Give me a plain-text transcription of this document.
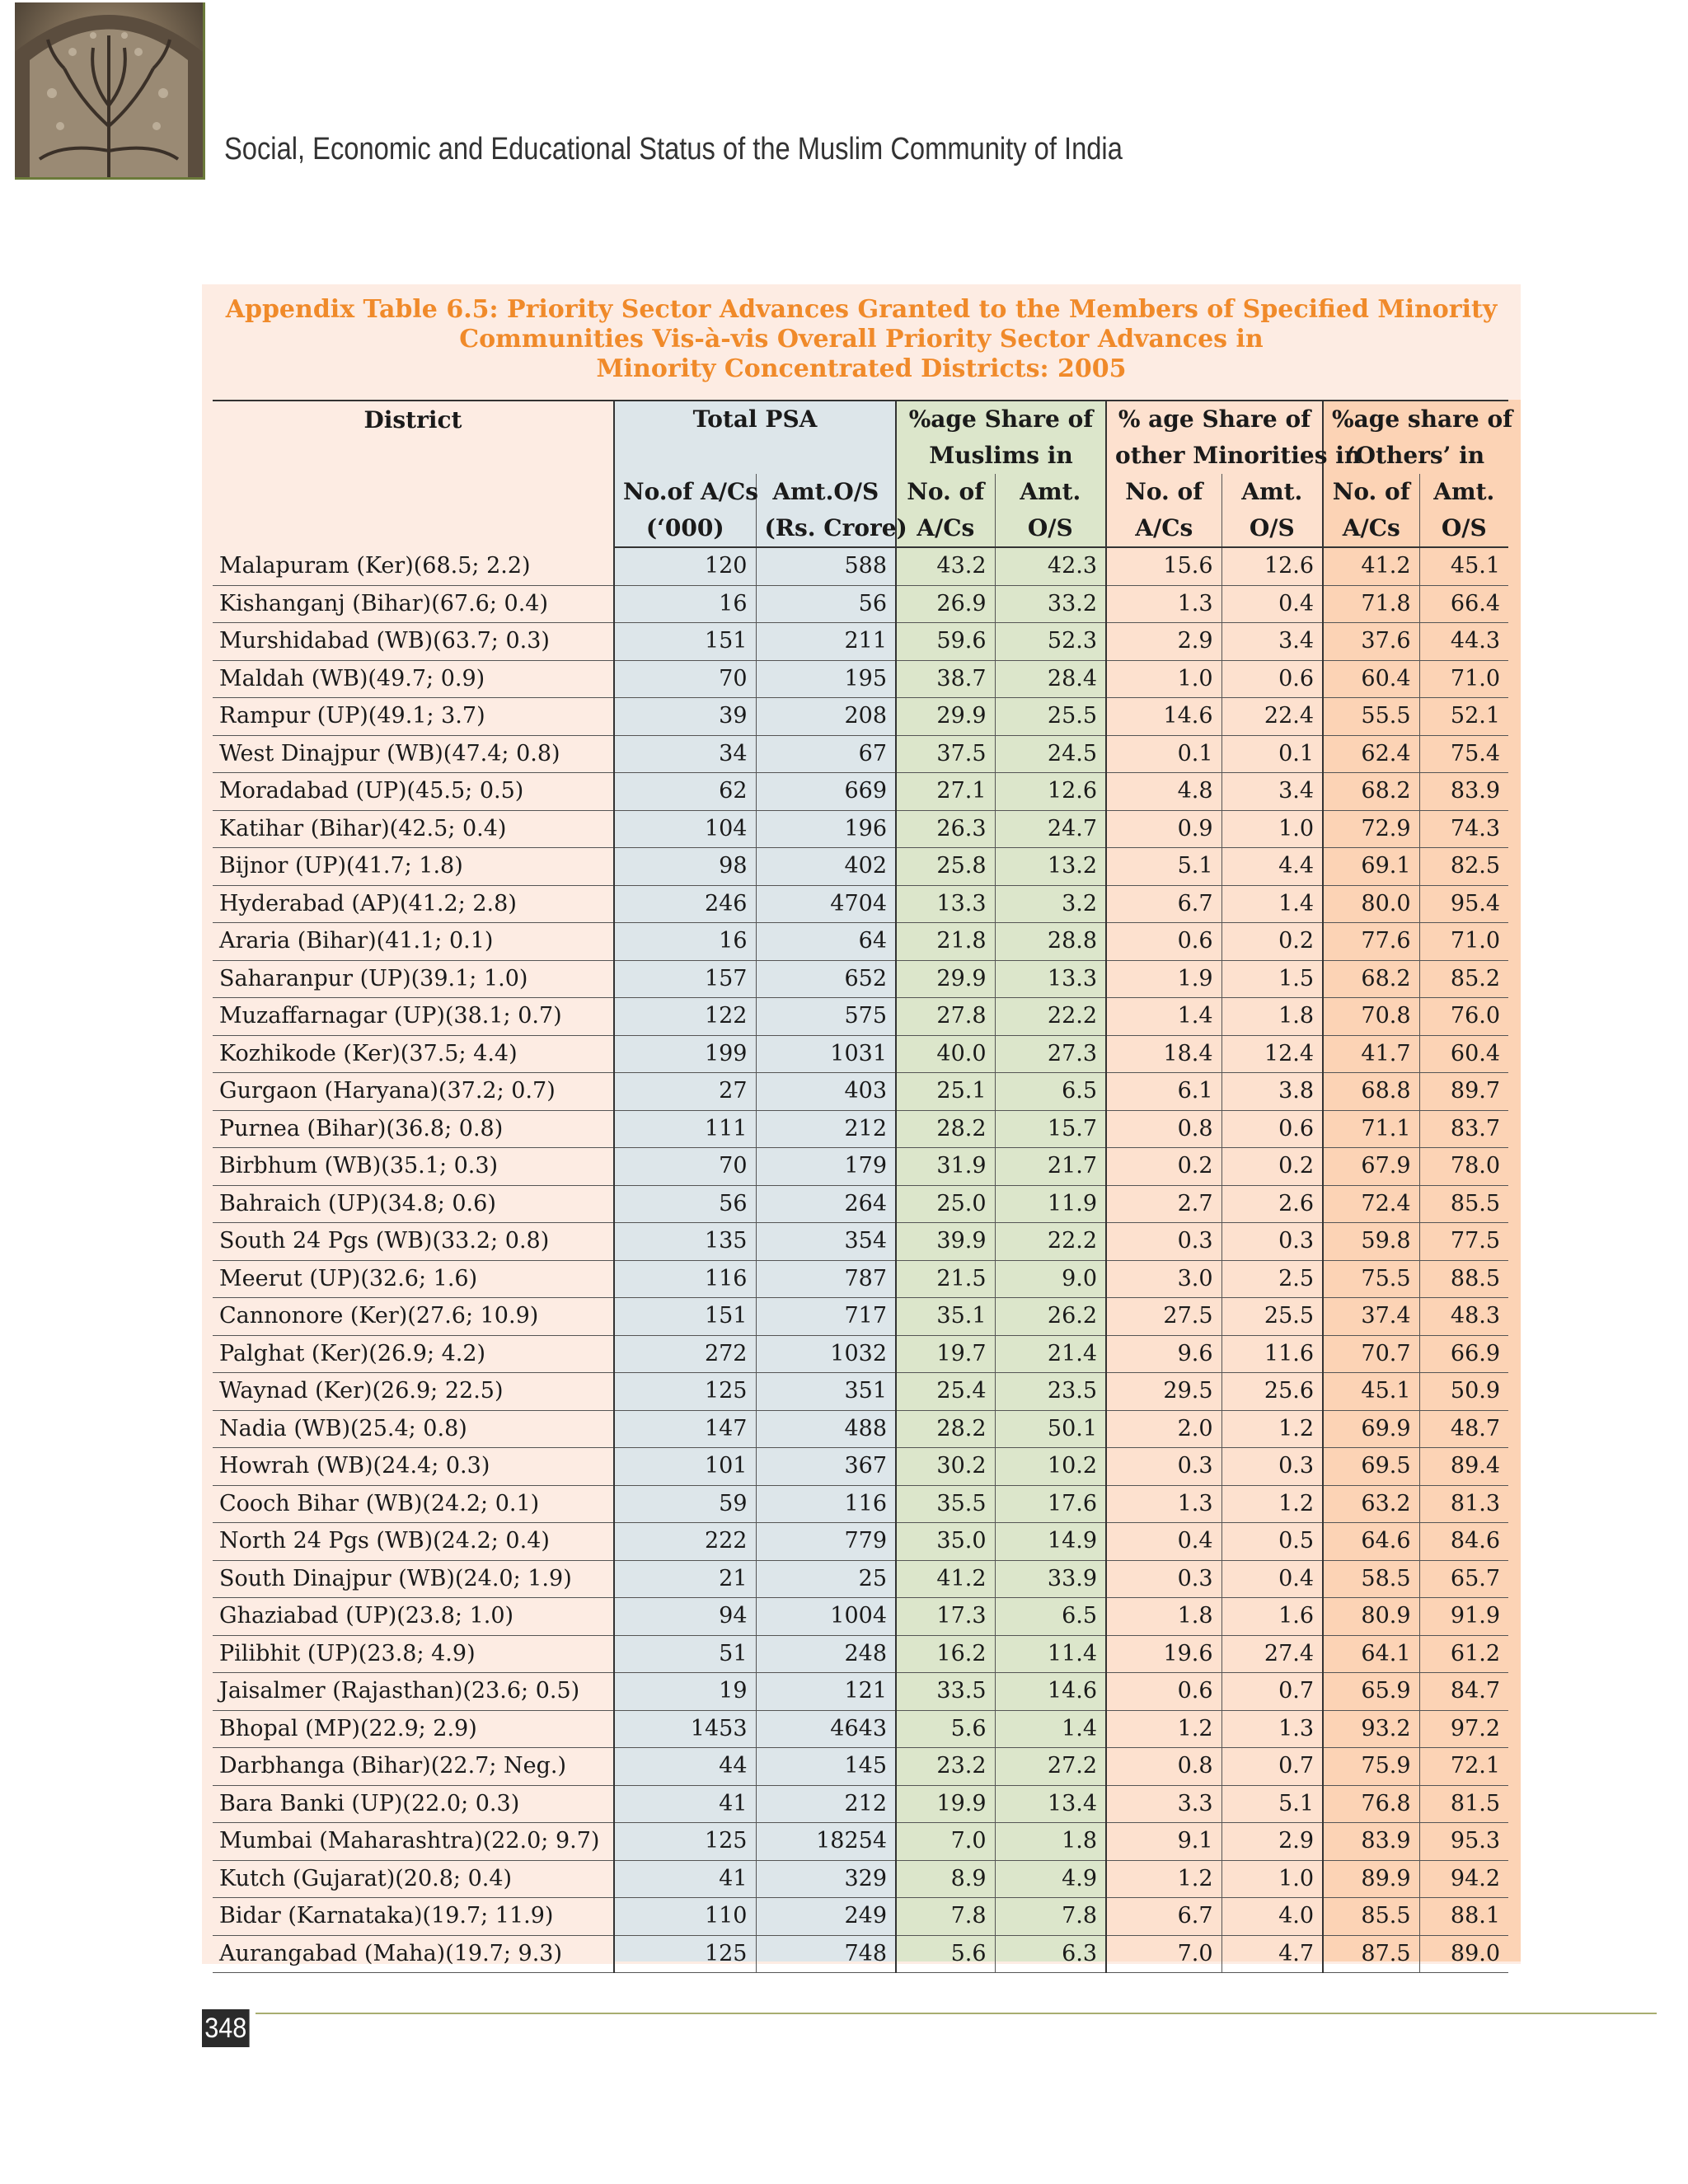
Social, Economic and Educational Status of the Muslim Community of India
Appendix Table 6.5: Priority Sector Advances Granted to the Members of Specified Minority
Communities Vis-à-vis Overall Priority Sector Advances in
Minority Concentrated Districts: 2005
District	Total PSA		%age Share of		% age Share of		%age share of	
			Muslims in		other Minorities in		‘Others’ in	
	No.of A/Cs	Amt.O/S	No. of	Amt.	No. of	Amt.	No. of	Amt.
	(‘000)	(Rs. Crore)	A/Cs	O/S	A/Cs	O/S	A/Cs	O/S
Malapuram (Ker)(68.5; 2.2)	120	588	43.2	42.3	15.6	12.6	41.2	45.1
Kishanganj (Bihar)(67.6; 0.4)	16	56	26.9	33.2	1.3	0.4	71.8	66.4
Murshidabad (WB)(63.7; 0.3)	151	211	59.6	52.3	2.9	3.4	37.6	44.3
Maldah (WB)(49.7; 0.9)	70	195	38.7	28.4	1.0	0.6	60.4	71.0
Rampur (UP)(49.1; 3.7)	39	208	29.9	25.5	14.6	22.4	55.5	52.1
West Dinajpur (WB)(47.4; 0.8)	34	67	37.5	24.5	0.1	0.1	62.4	75.4
Moradabad (UP)(45.5; 0.5)	62	669	27.1	12.6	4.8	3.4	68.2	83.9
Katihar (Bihar)(42.5; 0.4)	104	196	26.3	24.7	0.9	1.0	72.9	74.3
Bijnor (UP)(41.7; 1.8)	98	402	25.8	13.2	5.1	4.4	69.1	82.5
Hyderabad (AP)(41.2; 2.8)	246	4704	13.3	3.2	6.7	1.4	80.0	95.4
Araria (Bihar)(41.1; 0.1)	16	64	21.8	28.8	0.6	0.2	77.6	71.0
Saharanpur (UP)(39.1; 1.0)	157	652	29.9	13.3	1.9	1.5	68.2	85.2
Muzaffarnagar (UP)(38.1; 0.7)	122	575	27.8	22.2	1.4	1.8	70.8	76.0
Kozhikode (Ker)(37.5; 4.4)	199	1031	40.0	27.3	18.4	12.4	41.7	60.4
Gurgaon (Haryana)(37.2; 0.7)	27	403	25.1	6.5	6.1	3.8	68.8	89.7
Purnea (Bihar)(36.8; 0.8)	111	212	28.2	15.7	0.8	0.6	71.1	83.7
Birbhum (WB)(35.1; 0.3)	70	179	31.9	21.7	0.2	0.2	67.9	78.0
Bahraich (UP)(34.8; 0.6)	56	264	25.0	11.9	2.7	2.6	72.4	85.5
South 24 Pgs (WB)(33.2; 0.8)	135	354	39.9	22.2	0.3	0.3	59.8	77.5
Meerut (UP)(32.6; 1.6)	116	787	21.5	9.0	3.0	2.5	75.5	88.5
Cannonore (Ker)(27.6; 10.9)	151	717	35.1	26.2	27.5	25.5	37.4	48.3
Palghat (Ker)(26.9; 4.2)	272	1032	19.7	21.4	9.6	11.6	70.7	66.9
Waynad (Ker)(26.9; 22.5)	125	351	25.4	23.5	29.5	25.6	45.1	50.9
Nadia (WB)(25.4; 0.8)	147	488	28.2	50.1	2.0	1.2	69.9	48.7
Howrah (WB)(24.4; 0.3)	101	367	30.2	10.2	0.3	0.3	69.5	89.4
Cooch Bihar (WB)(24.2; 0.1)	59	116	35.5	17.6	1.3	1.2	63.2	81.3
North 24 Pgs (WB)(24.2; 0.4)	222	779	35.0	14.9	0.4	0.5	64.6	84.6
South Dinajpur (WB)(24.0; 1.9)	21	25	41.2	33.9	0.3	0.4	58.5	65.7
Ghaziabad (UP)(23.8; 1.0)	94	1004	17.3	6.5	1.8	1.6	80.9	91.9
Pilibhit (UP)(23.8; 4.9)	51	248	16.2	11.4	19.6	27.4	64.1	61.2
Jaisalmer (Rajasthan)(23.6; 0.5)	19	121	33.5	14.6	0.6	0.7	65.9	84.7
Bhopal (MP)(22.9; 2.9)	1453	4643	5.6	1.4	1.2	1.3	93.2	97.2
Darbhanga (Bihar)(22.7; Neg.)	44	145	23.2	27.2	0.8	0.7	75.9	72.1
Bara Banki (UP)(22.0; 0.3)	41	212	19.9	13.4	3.3	5.1	76.8	81.5
Mumbai (Maharashtra)(22.0; 9.7)	125	18254	7.0	1.8	9.1	2.9	83.9	95.3
Kutch (Gujarat)(20.8; 0.4)	41	329	8.9	4.9	1.2	1.0	89.9	94.2
Bidar (Karnataka)(19.7; 11.9)	110	249	7.8	7.8	6.7	4.0	85.5	88.1
Aurangabad (Maha)(19.7; 9.3)	125	748	5.6	6.3	7.0	4.7	87.5	89.0
348
